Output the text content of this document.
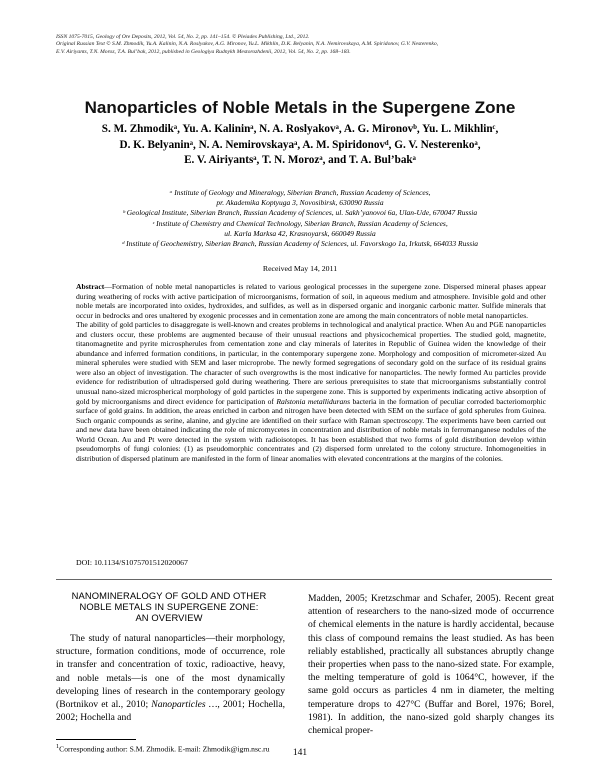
ISSN 1075-7015, Geology of Ore Deposits, 2012, Vol. 54, No. 2, pp. 141–154. © Pleiades Publishing, Ltd., 2012.
Original Russian Text © S.M. Zhmodik, Yu.A. Kalinin, N.A. Roslyakov, A.G. Mironov, Yu.L. Mikhlin, D.K. Belyanin, N.A. Nemirovskaya, A.M. Spiridonov, G.V. Nesterenko,
E.V. Airiyants, T.N. Moroz, T.A. Bul’bak, 2012, published in Geologiya Rudnykh Mestorozhdenii, 2012, Vol. 54, No. 2, pp. 168–183.
Nanoparticles of Noble Metals in the Supergene Zone
S. M. Zhmodikᵃ, Yu. A. Kalininᵃ, N. A. Roslyakovᵃ, A. G. Mironovᵇ, Yu. L. Mikhlinᶜ,
D. K. Belyaninᵃ, N. A. Nemirovskayaᵃ, A. M. Spiridonovᵈ, G. V. Nesterenkoᵃ,
E. V. Airiyantsᵃ, T. N. Morozᵃ, and T. A. Bul’bakᵃ
ᵃ Institute of Geology and Mineralogy, Siberian Branch, Russian Academy of Sciences,
pr. Akademika Koptyuga 3, Novosibirsk, 630090 Russia
ᵇ Geological Institute, Siberian Branch, Russian Academy of Sciences, ul. Sakh’yanovoi 6a, Ulan-Ude, 670047 Russia
ᶜ Institute of Chemistry and Chemical Technology, Siberian Branch, Russian Academy of Sciences,
ul. Karla Marksa 42, Krasnoyarsk, 660049 Russia
ᵈ Institute of Geochemistry, Siberian Branch, Russian Academy of Sciences, ul. Favorskogo 1a, Irkutsk, 664033 Russia
Received May 14, 2011
Abstract—Formation of noble metal nanoparticles is related to various geological processes in the supergene zone. Dispersed mineral phases appear during weathering of rocks with active participation of microorganisms, formation of soil, in aqueous medium and atmosphere. Invisible gold and other noble metals are incorporated into oxides, hydroxides, and sulfides, as well as in dispersed organic and inorganic carbonic matter. Sulfide minerals that occur in bedrocks and ores unaltered by exogenic processes and in cementation zone are among the main concentrators of noble metal nanoparticles.
The ability of gold particles to disaggregate is well-known and creates problems in technological and analytical practice. When Au and PGE nanoparticles and clusters occur, these problems are augmented because of their unusual reactions and physicochemical properties. The studied gold, magnetite, titanomagnetite and pyrite microspherules from cementation zone and clay minerals of laterites in Republic of Guinea widen the knowledge of their abundance and inferred formation conditions, in particular, in the contemporary supergene zone. Morphology and composition of micrometer-sized Au mineral spherules were studied with SEM and laser microprobe. The newly formed segregations of secondary gold on the surface of its residual grains were also an object of investigation. The character of such overgrowths is the most indicative for nanoparticles. The newly formed Au particles provide evidence for redistribution of ultradispersed gold during weathering. There are serious prerequisites to state that microorganisms substantially control unusual nano-sized microspherical morphology of gold particles in the supergene zone. This is supported by experiments indicating active absorption of gold by microorganisms and direct evidence for participation of Ralstonia metallidurans bacteria in the formation of peculiar corroded bacteriomorphic surface of gold grains. In addition, the areas enriched in carbon and nitrogen have been detected with SEM on the surface of gold spherules from Guinea. Such organic compounds as serine, alanine, and glycine are identified on their surface with Raman spectroscopy. The experiments have been carried out and new data have been obtained indicating the role of micromycetes in concentration and distribution of noble metals in ferromanganese nodules of the World Ocean. Au and Pt were detected in the system with radioisotopes. It has been established that two forms of gold distribution develop within pseudomorphs of fungi colonies: (1) as pseudomorphic concentrates and (2) dispersed form unrelated to the colony structure. Inhomogeneities in distribution of dispersed platinum are manifested in the form of linear anomalies with elevated concentrations at the margins of the colonies.
DOI: 10.1134/S1075701512020067
NANOMINERALOGY OF GOLD AND OTHER
NOBLE METALS IN SUPERGENE ZONE:
AN OVERVIEW
The study of natural nanoparticles—their morphology, structure, formation conditions, mode of occurrence, role in transfer and concentration of toxic, radioactive, heavy, and noble metals—is one of the most dynamically developing lines of research in the contemporary geology (Bortnikov et al., 2010; Nanoparticles …, 2001; Hochella, 2002; Hochella and
Madden, 2005; Kretzschmar and Schafer, 2005). Recent great attention of researchers to the nano-sized mode of occurrence of chemical elements in the nature is hardly accidental, because this class of compound remains the least studied. As has been reliably established, practically all substances abruptly change their properties when pass to the nano-sized state. For example, the melting temperature of gold is 1064°C, however, if the same gold occurs as particles 4 nm in diameter, the melting temperature drops to 427°C (Buffar and Borel, 1976; Borel, 1981). In addition, the nano-sized gold sharply changes its chemical proper-
$^1$Corresponding author: S.M. Zhmodik. E-mail: Zhmodik@igm.nsc.ru	141
